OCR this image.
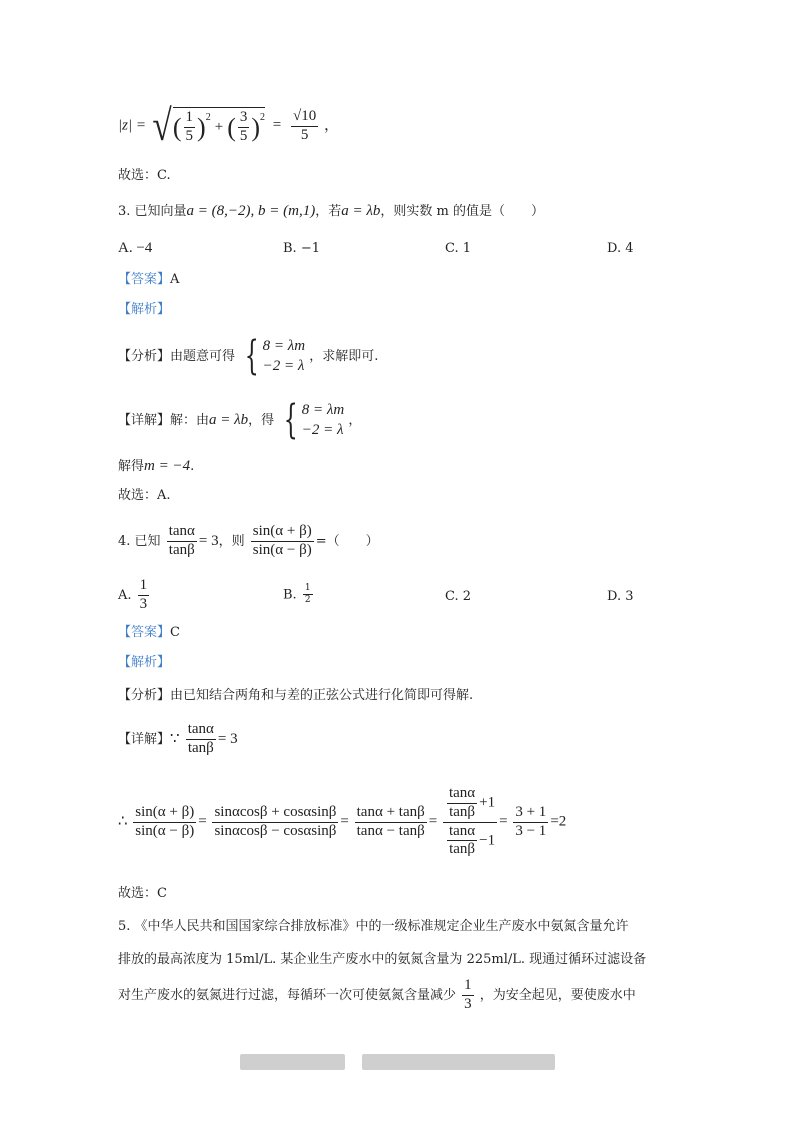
|z| = √ ( $\frac{1}{5}$ ) 2
+ ( $\frac{3}{5}$ ) 2
= $\frac{√10}{5}$ ，
故选：C.
3. 已知向量a = (8,−2), b = (m,1)，若a = λb，则实数 m 的值是（　　）
A. −4	B. −1	C. 1	D. 4
【答案】A
【解析】
【分析】由题意可得 { 8 = λm
−2 = λ
，求解即可.
【详解】解：由a = λb，得 { 8 = λm
−2 = λ
，
解得m = −4.
故选：A.
4. 已知 $\frac{\tan\alpha}{\tan\beta} = 3$，则 $\frac{\sin(\alpha + \beta)}{\sin(\alpha - \beta)}$ =（　　）
A. $\frac{1}{3}$	B. $\frac{1}{2}$	C. 2	D. 3
【答案】C
【解析】
【分析】由已知结合两角和与差的正弦公式进行化简即可得解.
【详解】∵ $\frac{\tan\alpha}{\tan\beta} = 3$
∴ $\frac{\sin(\alpha + \beta)}{\sin(\alpha - \beta)} = \frac{\sin\alpha\cos\beta + \cos\alpha\sin\beta}{\sin\alpha\cos\beta - \cos\alpha\sin\beta} = \frac{\tan\alpha + \tan\beta}{\tan\alpha - \tan\beta} = \frac{\frac{\tan\alpha}{\tan\beta} +1}{\frac{\tan\alpha}{\tan\beta} -1} = \frac{3 + 1}{3 - 1} =2$
故选：C
5. 《中华人民共和国国家综合排放标准》中的一级标准规定企业生产废水中氨氮含量允许
排放的最高浓度为 15ml/L. 某企业生产废水中的氨氮含量为 225ml/L. 现通过循环过滤设备
对生产废水的氨氮进行过滤，每循环一次可使氨氮含量减少 $\frac{1}{3}$ ，为安全起见，要使废水中
